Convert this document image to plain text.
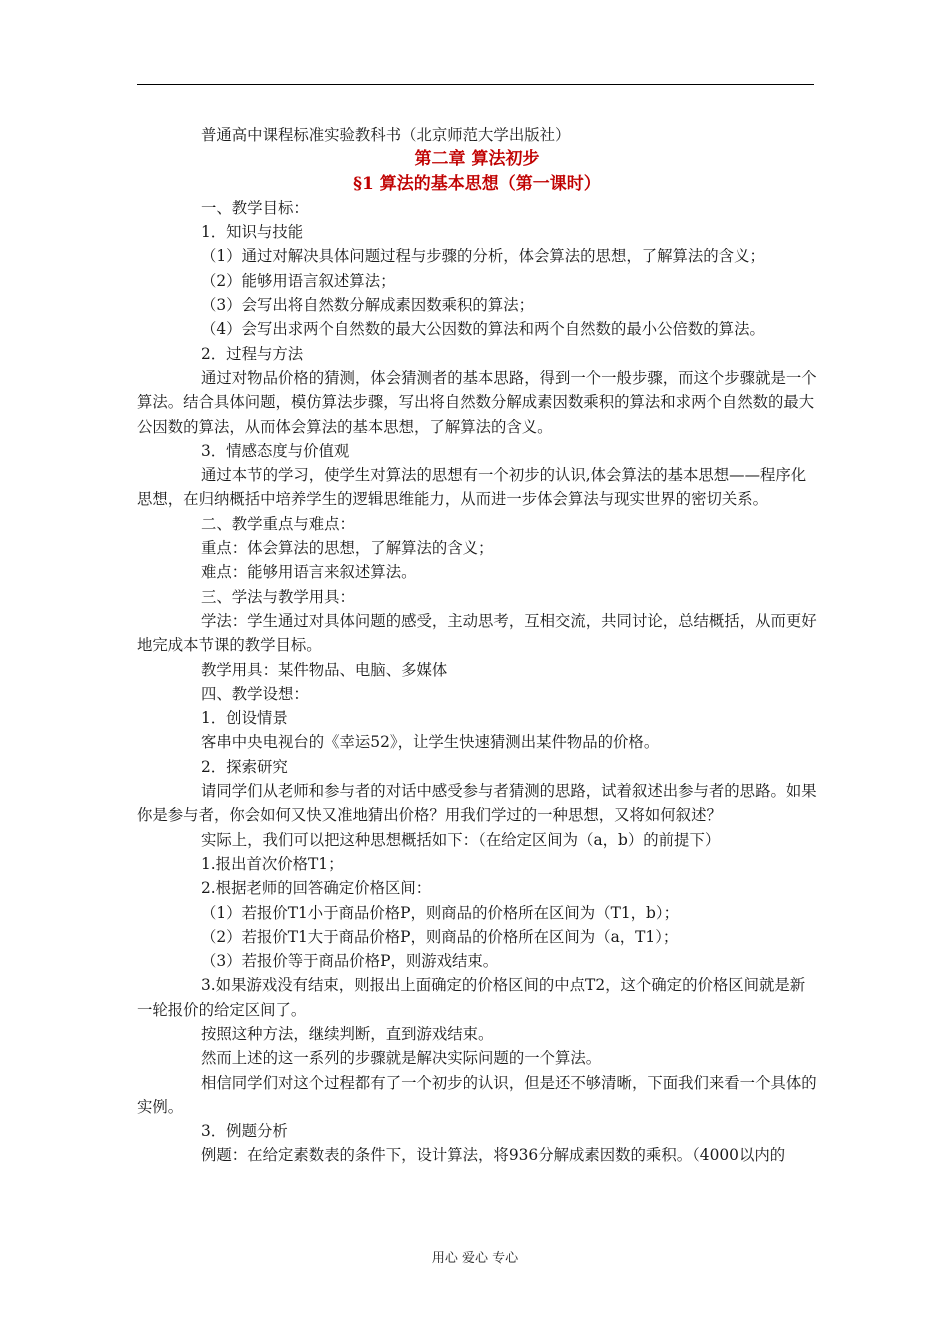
普通高中课程标准实验教科书（北京师范大学出版社）

第二章 算法初步

§1 算法的基本思想（第一课时）

一、教学目标：

1．知识与技能

（1）通过对解决具体问题过程与步骤的分析，体会算法的思想，了解算法的含义；

（2）能够用语言叙述算法；

（3）会写出将自然数分解成素因数乘积的算法；

（4）会写出求两个自然数的最大公因数的算法和两个自然数的最小公倍数的算法。

2．过程与方法

通过对物品价格的猜测，体会猜测者的基本思路，得到一个一般步骤，而这个步骤就是一个算法。结合具体问题，模仿算法步骤，写出将自然数分解成素因数乘积的算法和求两个自然数的最大公因数的算法，从而体会算法的基本思想，了解算法的含义。

3．情感态度与价值观

通过本节的学习，使学生对算法的思想有一个初步的认识,体会算法的基本思想——程序化思想，在归纳概括中培养学生的逻辑思维能力，从而进一步体会算法与现实世界的密切关系。

二、教学重点与难点：

重点：体会算法的思想，了解算法的含义；

难点：能够用语言来叙述算法。

三、学法与教学用具：

学法：学生通过对具体问题的感受，主动思考，互相交流，共同讨论，总结概括，从而更好地完成本节课的教学目标。

教学用具：某件物品、电脑、多媒体

四、教学设想：

1．创设情景

客串中央电视台的《幸运52》，让学生快速猜测出某件物品的价格。

2．探索研究

请同学们从老师和参与者的对话中感受参与者猜测的思路，试着叙述出参与者的思路。如果你是参与者，你会如何又快又准地猜出价格？用我们学过的一种思想，又将如何叙述？

实际上，我们可以把这种思想概括如下：（在给定区间为（a，b）的前提下）

1.报出首次价格T1；

2.根据老师的回答确定价格区间：

（1）若报价T1小于商品价格P，则商品的价格所在区间为（T1，b）；

（2）若报价T1大于商品价格P，则商品的价格所在区间为（a，T1）；

（3）若报价等于商品价格P，则游戏结束。

3.如果游戏没有结束，则报出上面确定的价格区间的中点T2，这个确定的价格区间就是新一轮报价的给定区间了。

按照这种方法，继续判断，直到游戏结束。

然而上述的这一系列的步骤就是解决实际问题的一个算法。

相信同学们对这个过程都有了一个初步的认识，但是还不够清晰，下面我们来看一个具体的实例。

3．例题分析

例题：在给定素数表的条件下，设计算法，将936分解成素因数的乘积。（4000以内的

用心 爱心 专心
